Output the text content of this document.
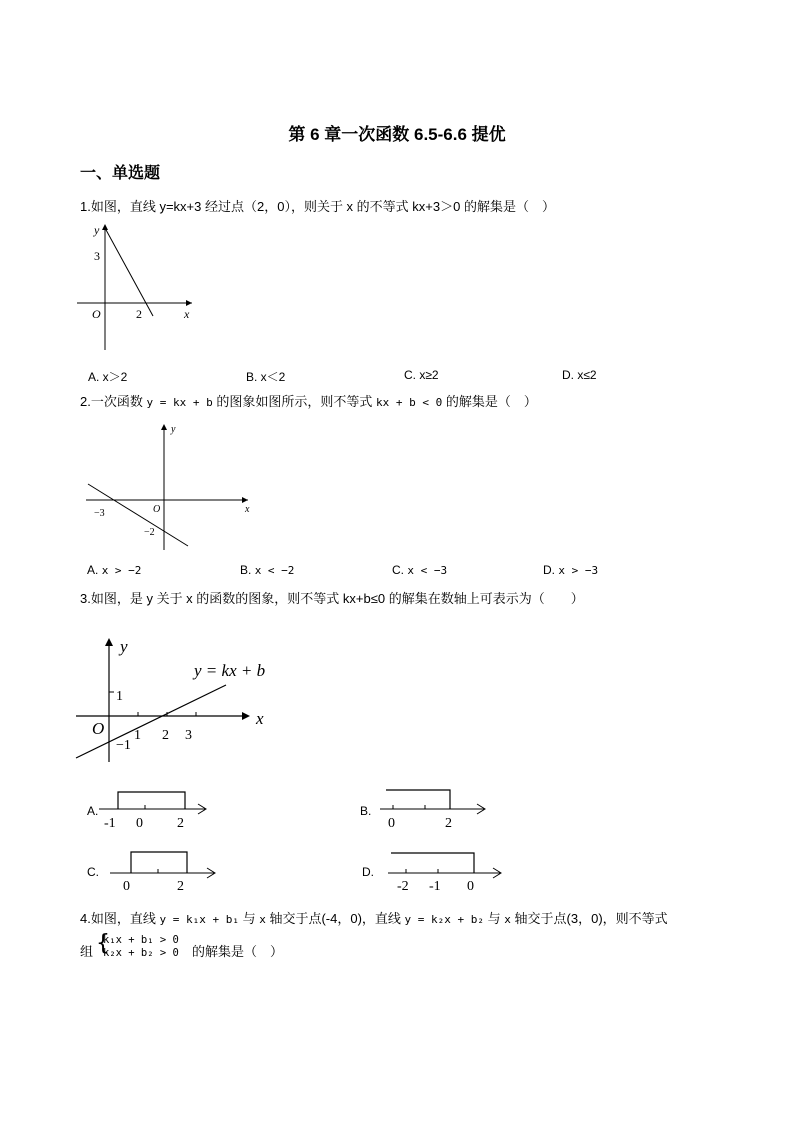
第 6 章一次函数 6.5-6.6 提优
一、单选题
1.如图，直线 y=kx+3 经过点（2，0），则关于 x 的不等式 kx+3＞0 的解集是（　）
y
x
O
3
2
A. x＞2	B. x＜2	C. x≥2	D. x≤2
2.一次函数 y = kx + b 的图象如图所示，则不等式 kx + b < 0 的解集是（　）
y
x
O
−3
−2
A. x > −2	B. x < −2	C. x < −3	D. x > −3
3.如图，是 y 关于 x 的函数的图象，则不等式 kx+b≤0 的解集在数轴上可表示为（　　）
y
x
O
y = kx + b
1
−1
1 2 3
A.
-1 0 2
B.
0	2
C.
0	2
D.
-2 -1 0
4.如图，直线 y = k₁x + b₁ 与 x 轴交于点(-4，0)，直线 y = k₂x + b₂ 与 x 轴交于点(3，0)，则不等式
组 {
k₁x + b₁ > 0
k₂x + b₂ > 0 的解集是（　）
